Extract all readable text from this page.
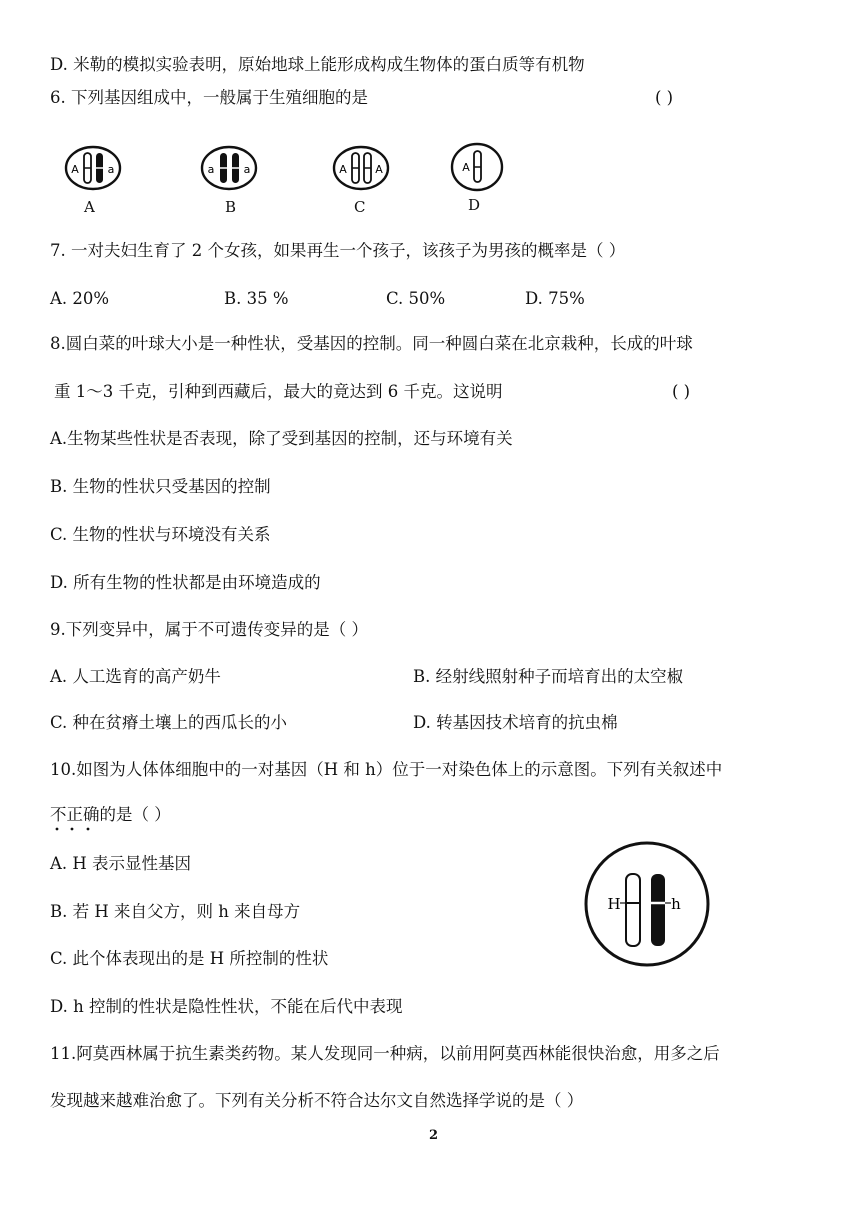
D. 米勒的模拟实验表明，原始地球上能形成构成生物体的蛋白质等有机物
6. 下列基因组成中，一般属于生殖细胞的是	( )
A	a
A
a	a
B
A	A
C
A
D
7. 一对夫妇生育了 2 个女孩，如果再生一个孩子，该孩子为男孩的概率是（ ）
A. 20%	B. 35 %	C. 50%	D. 75%
8.圆白菜的叶球大小是一种性状，受基因的控制。同一种圆白菜在北京栽种，长成的叶球
重 1～3 千克，引种到西藏后，最大的竟达到 6 千克。这说明	( )
A.生物某些性状是否表现，除了受到基因的控制，还与环境有关
B. 生物的性状只受基因的控制
C. 生物的性状与环境没有关系
D. 所有生物的性状都是由环境造成的
9.下列变异中，属于不可遗传变异的是（ ）
A. 人工选育的高产奶牛	B. 经射线照射种子而培育出的太空椒
C. 种在贫瘠土壤上的西瓜长的小	D. 转基因技术培育的抗虫棉
10.如图为人体体细胞中的一对基因（H 和 h）位于一对染色体上的示意图。下列有关叙述中
不正确的是（ ）
A. H 表示显性基因
B. 若 H 来自父方，则 h 来自母方
C. 此个体表现出的是 H 所控制的性状
D. h 控制的性状是隐性性状，不能在后代中表现
H	h
11.阿莫西林属于抗生素类药物。某人发现同一种病，以前用阿莫西林能很快治愈，用多之后
发现越来越难治愈了。下列有关分析不符合达尔文自然选择学说的是（ ）
2
